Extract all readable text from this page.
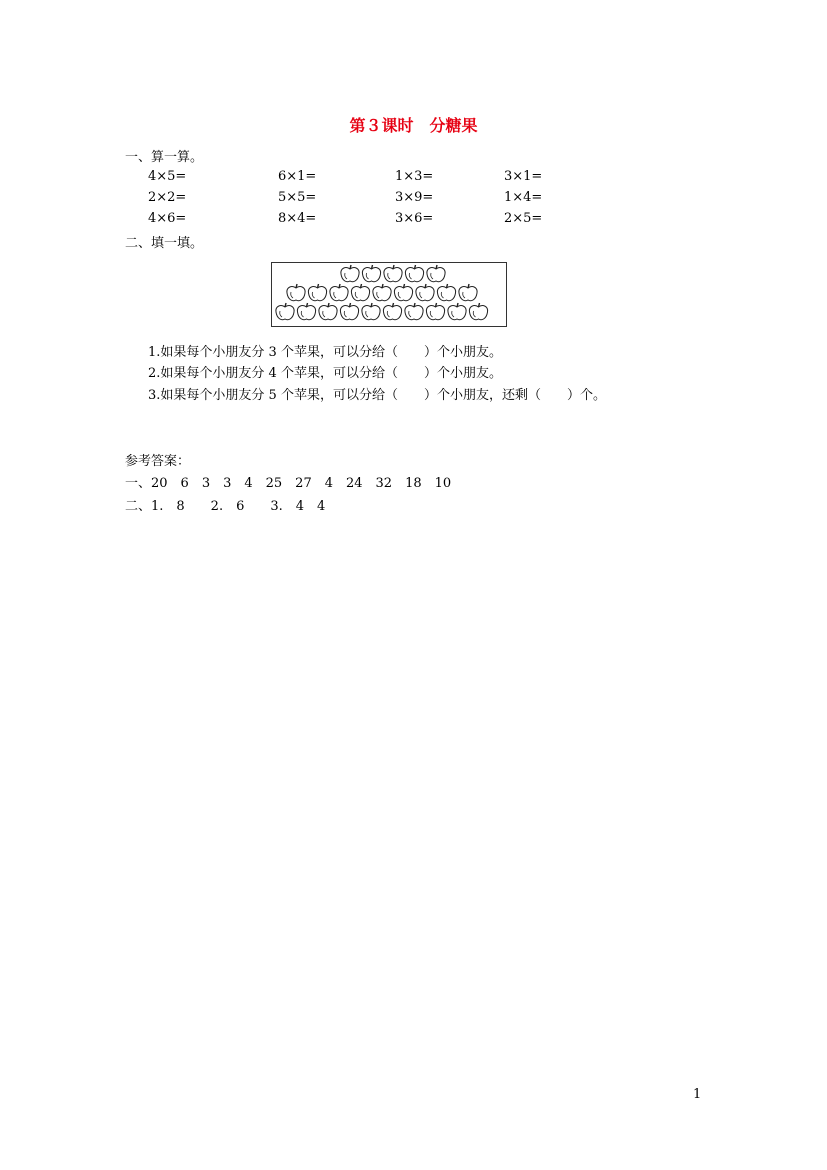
第３课时　分糖果
一、算一算。
4×5=	6×1=	1×3=	3×1=
2×2=	5×5=	3×9=	1×4=
4×6=	8×4=	3×6=	2×5=
二、填一填。
1.如果每个小朋友分 3 个苹果，可以分给（　　）个小朋友。
2.如果每个小朋友分 4 个苹果，可以分给（　　）个小朋友。
3.如果每个小朋友分 5 个苹果，可以分给（　　）个小朋友，还剩（　　）个。
参考答案：
一、20　6　3　3　4　25　27　4　24　32　18　10
二、1.　8　　2.　6　　3.　4　4
1
